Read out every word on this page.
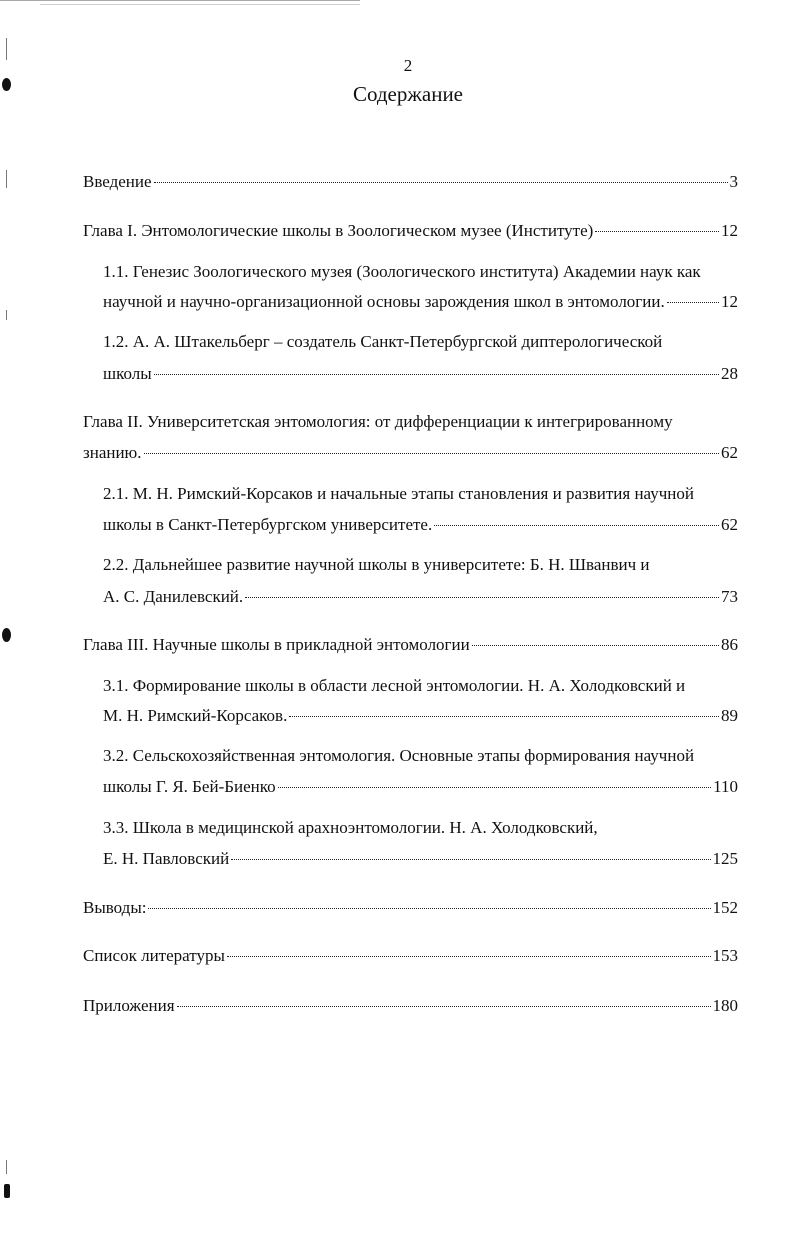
2
Содержание
Введение	3
Глава I. Энтомологические школы в Зоологическом музее (Институте)	12
1.1. Генезис Зоологического музея (Зоологического института) Академии наук как
научной и научно-организационной основы зарождения школ в энтомологии.	12
1.2. А. А. Штакельберг – создатель Санкт-Петербургской диптерологической
школы	28
Глава II. Университетская энтомология: от дифференциации к интегрированному
знанию.	62
2.1. М. Н. Римский-Корсаков и начальные этапы становления и развития научной
школы в Санкт-Петербургском университете.	62
2.2. Дальнейшее развитие научной школы в университете: Б. Н. Шванвич и
А. С. Данилевский.	73
Глава III. Научные школы в прикладной энтомологии	86
3.1. Формирование школы в области лесной энтомологии. Н. А. Холодковский и
М. Н. Римский-Корсаков.	89
3.2. Сельскохозяйственная энтомология. Основные этапы формирования научной
школы Г. Я. Бей-Биенко	110
3.3. Школа в медицинской арахноэнтомологии. Н. А. Холодковский,
Е. Н. Павловский	125
Выводы:	152
Список литературы	153
Приложения	180
